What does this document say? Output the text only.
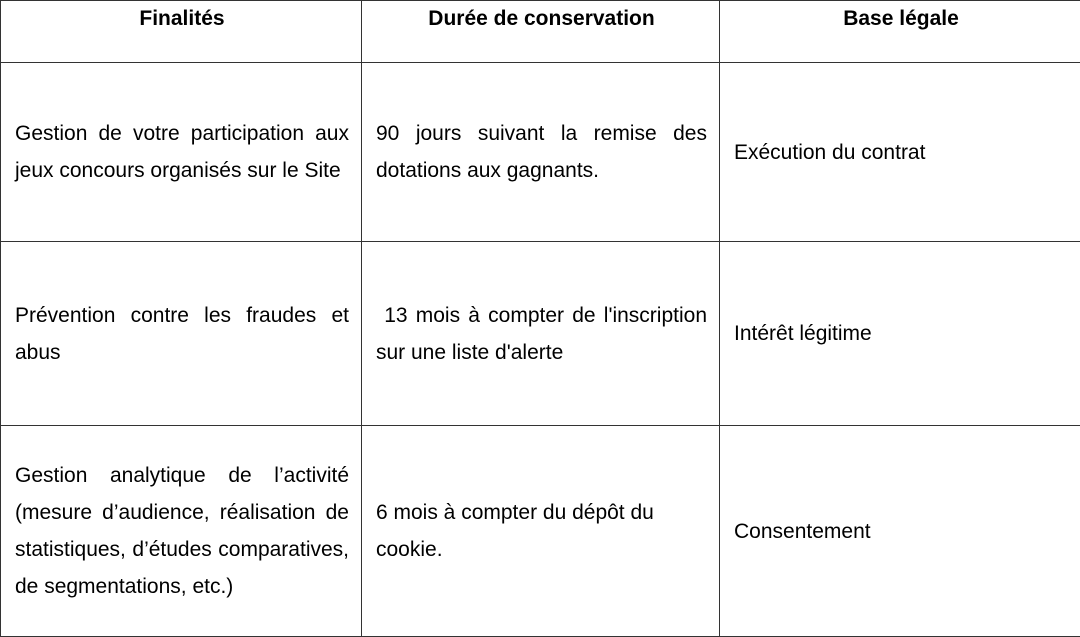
Finalités	Durée de conservation	Base légale
Gestion de votre participation aux jeux concours organisés sur le Site	90 jours suivant la remise des dotations aux gagnants.	Exécution du contrat
Prévention contre les fraudes et abus	13 mois à compter de l'inscription sur une liste d'alerte	Intérêt légitime
Gestion analytique de l’activité (mesure d’audience, réalisation de statistiques, d’études comparatives, de segmentations, etc.)	6 mois à compter du dépôt du cookie.	Consentement
